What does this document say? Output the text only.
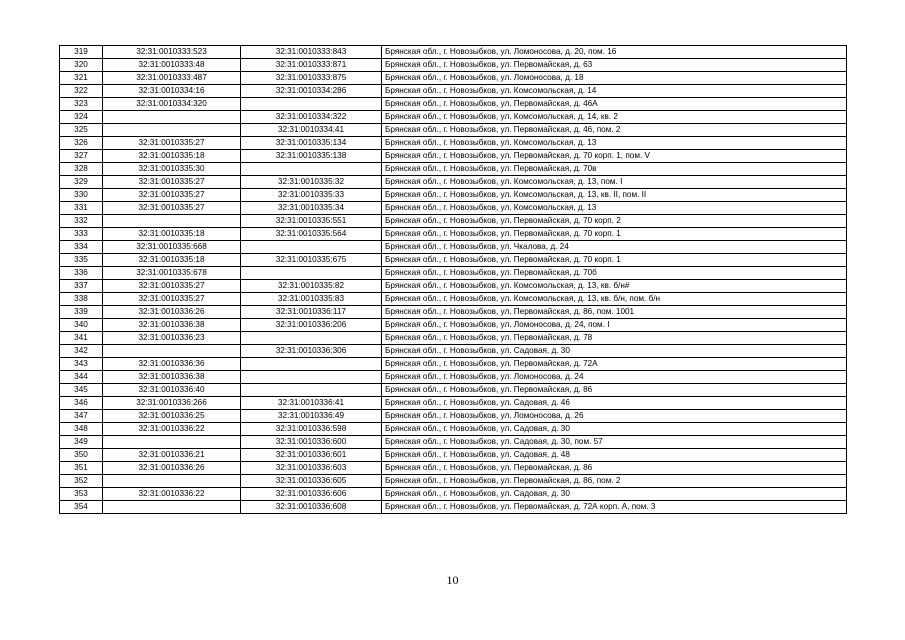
319	32:31:0010333:523	32:31:0010333:843	Брянская обл., г. Новозыбков, ул. Ломоносова, д. 20, пом. 16
320	32:31:0010333:48	32:31:0010333:871	Брянская обл., г. Новозыбков, ул. Первомайская, д. 63
321	32:31:0010333:487	32:31:0010333:875	Брянская обл., г. Новозыбков, ул. Ломоносова, д. 18
322	32:31:0010334:16	32:31:0010334:286	Брянская обл., г. Новозыбков, ул. Комсомольская, д. 14
323	32:31:0010334:320		Брянская обл., г. Новозыбков, ул. Первомайская, д. 46А
324		32:31:0010334:322	Брянская обл., г. Новозыбков, ул. Комсомольская, д. 14, кв. 2
325		32:31:0010334:41	Брянская обл., г. Новозыбков, ул. Первомайская, д. 46, пом. 2
326	32:31:0010335:27	32:31:0010335:134	Брянская обл., г. Новозыбков, ул. Комсомольская, д. 13
327	32:31:0010335:18	32:31:0010335:138	Брянская обл., г. Новозыбков, ул. Первомайская, д. 70 корп. 1, пом. V
328	32:31:0010335:30		Брянская обл., г. Новозыбков, ул. Первомайская, д. 70в
329	32:31:0010335:27	32:31:0010335:32	Брянская обл., г. Новозыбков, ул. Комсомольская, д. 13, пом. I
330	32:31:0010335:27	32:31:0010335:33	Брянская обл., г. Новозыбков, ул. Комсомольская, д. 13, кв. II, пом. II
331	32:31:0010335:27	32:31:0010335:34	Брянская обл., г. Новозыбков, ул. Комсомольская, д. 13
332		32:31:0010335:551	Брянская обл., г. Новозыбков, ул. Первомайская, д. 70 корп. 2
333	32:31:0010335:18	32:31:0010335:564	Брянская обл., г. Новозыбков, ул. Первомайская, д. 70 корп. 1
334	32:31:0010335:668		Брянская обл., г. Новозыбков, ул. Чкалова, д. 24
335	32:31:0010335:18	32:31:0010335:675	Брянская обл., г. Новозыбков, ул. Первомайская, д. 70 корп. 1
336	32:31:0010335:678		Брянская обл., г. Новозыбков, ул. Первомайская, д. 70б
337	32:31:0010335:27	32:31:0010335:82	Брянская обл., г. Новозыбков, ул. Комсомольская, д. 13, кв. б/н#
338	32:31:0010335:27	32:31:0010335:83	Брянская обл., г. Новозыбков, ул. Комсомольская, д. 13, кв. б/н, пом. б/н
339	32:31:0010336:26	32:31:0010336:117	Брянская обл., г. Новозыбков, ул. Первомайская, д. 86, пом. 1001
340	32:31:0010336:38	32:31:0010336:206	Брянская обл., г. Новозыбков, ул. Ломоносова, д. 24, пом. I
341	32:31:0010336:23		Брянская обл., г. Новозыбков, ул. Первомайская, д. 78
342		32:31:0010336:306	Брянская обл., г. Новозыбков, ул. Садовая, д. 30
343	32:31:0010336:36		Брянская обл., г. Новозыбков, ул. Первомайская, д. 72А
344	32:31:0010336:38		Брянская обл., г. Новозыбков, ул. Ломоносова, д. 24
345	32:31:0010336:40		Брянская обл., г. Новозыбков, ул. Первомайская, д. 86
346	32:31:0010336:266	32:31:0010336:41	Брянская обл., г. Новозыбков, ул. Садовая, д. 46
347	32:31:0010336:25	32:31:0010336:49	Брянская обл., г. Новозыбков, ул. Ломоносова, д. 26
348	32:31:0010336:22	32:31:0010336:598	Брянская обл., г. Новозыбков, ул. Садовая, д. 30
349		32:31:0010336:600	Брянская обл., г. Новозыбков, ул. Садовая, д. 30, пом. 57
350	32:31:0010336:21	32:31:0010336:601	Брянская обл., г. Новозыбков, ул. Садовая, д. 48
351	32:31:0010336:26	32:31:0010336:603	Брянская обл., г. Новозыбков, ул. Первомайская, д. 86
352		32:31:0010336:605	Брянская обл., г. Новозыбков, ул. Первомайская, д. 86, пом. 2
353	32:31:0010336:22	32:31:0010336:606	Брянская обл., г. Новозыбков, ул. Садовая, д. 30
354		32:31:0010336:608	Брянская обл., г. Новозыбков, ул. Первомайская, д. 72А корп. А, пом. 3
10
